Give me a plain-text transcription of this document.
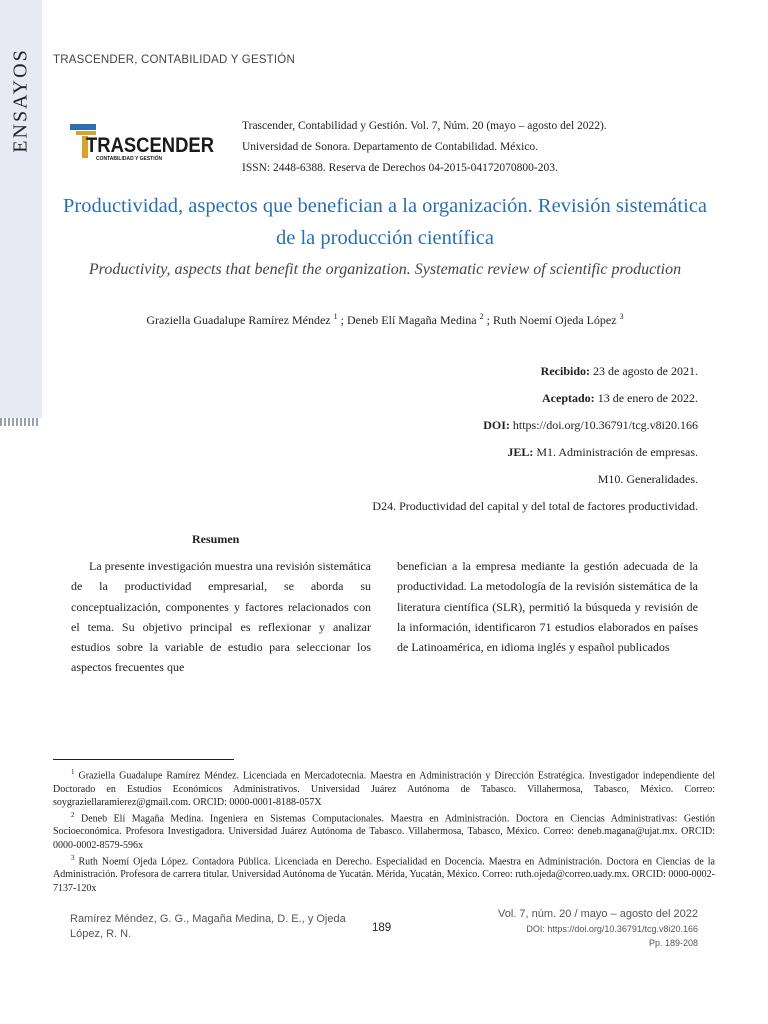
ENSAYOS TRASCENDER, CONTABILIDAD Y GESTIÓN
TRASCENDER
CONTABILIDAD Y GESTIÓN
Trascender, Contabilidad y Gestión. Vol. 7, Núm. 20 (mayo – agosto del 2022).
Universidad de Sonora. Departamento de Contabilidad. México.
ISSN: 2448-6388. Reserva de Derechos 04-2015-04172070800-203.
Productividad, aspectos que benefician a la organización. Revisión sistemática de la producción científica
Productivity, aspects that benefit the organization. Systematic review of scientific production
Graziella Guadalupe Ramírez Méndez $^1$ ; Deneb Elí Magaña Medina $^2$ ; Ruth Noemí Ojeda López $^3$
Recibido: 23 de agosto de 2021.
Aceptado: 13 de enero de 2022.
DOI: https://doi.org/10.36791/tcg.v8i20.166
JEL: M1. Administración de empresas.
M10. Generalidades.
D24. Productividad del capital y del total de factores productividad.
Resumen
La presente investigación muestra una revisión sistemática de la productividad empresarial, se aborda su conceptualización, componentes y factores relacionados con el tema. Su objetivo principal es reflexionar y analizar estudios sobre la variable de estudio para seleccionar los aspectos frecuentes que
benefician a la empresa mediante la gestión adecuada de la productividad. La metodología de la revisión sistemática de la literatura científica (SLR), permitió la búsqueda y revisión de la información, identificaron 71 estudios elaborados en países de Latinoamérica, en idioma inglés y español publicados

$^1$ Graziella Guadalupe Ramírez Méndez. Licenciada en Mercadotecnia. Maestra en Administración y Dirección Estratégica. Investigador independiente del Doctorado en Estudios Económicos Administrativos. Universidad Juárez Autónoma de Tabasco. Villahermosa, Tabasco, México. Correo: soygraziellaramierez@gmail.com. ORCID: 0000-0001-8188-057X

$^2$ Deneb Elí Magaña Medina. Ingeniera en Sistemas Computacionales. Maestra en Administración. Doctora en Ciencias Administrativas: Gestión Socioeconómica. Profesora Investigadora. Universidad Juárez Autónoma de Tabasco. Villahermosa, Tabasco, México. Correo: deneb.magana@ujat.mx. ORCID: 0000-0002-8579-596x

$^3$ Ruth Noemí Ojeda López. Contadora Pública. Licenciada en Derecho. Especialidad en Docencia. Maestra en Administración. Doctora en Ciencias de la Administración. Profesora de carrera titular. Universidad Autónoma de Yucatán. Mérida, Yucatán, México. Correo: ruth.ojeda@correo.uady.mx. ORCID: 0000-0002-7137-120x

Ramírez Méndez, G. G., Magaña Medina, D. E., y Ojeda López, R. N.	189
Vol. 7, núm. 20 / mayo – agosto del 2022
DOI: https://doi.org/10.36791/tcg.v8i20.166
Pp. 189-208
